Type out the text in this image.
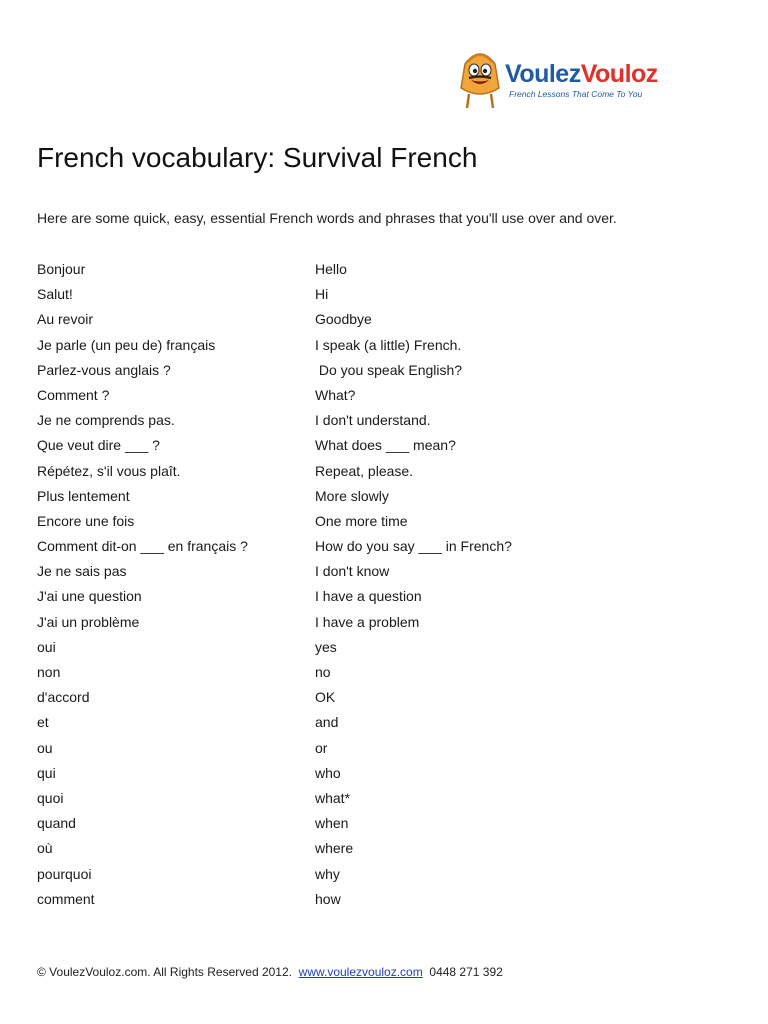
VoulezVouloz
French Lessons That Come To You
French vocabulary: Survival French

Here are some quick, easy, essential French words and phrases that you'll use over and over.

Bonjour	Hello
Salut!	Hi
Au revoir	Goodbye
Je parle (un peu de) français	I speak (a little) French.
Parlez-vous anglais ?	Do you speak English?
Comment ?	What?
Je ne comprends pas.	I don't understand.
Que veut dire ___ ?	What does ___ mean?
Répétez, s'il vous plaît.	Repeat, please.
Plus lentement	More slowly
Encore une fois	One more time
Comment dit-on ___ en français ?	How do you say ___ in French?
Je ne sais pas	I don't know
J'ai une question	I have a question
J'ai un problème	I have a problem
oui	yes
non	no
d'accord	OK
et	and
ou	or
qui	who
quoi	what*
quand	when
où	where
pourquoi	why
comment	how
© VoulezVouloz.com. All Rights Reserved 2012. www.voulezvouloz.com 0448 271 392
